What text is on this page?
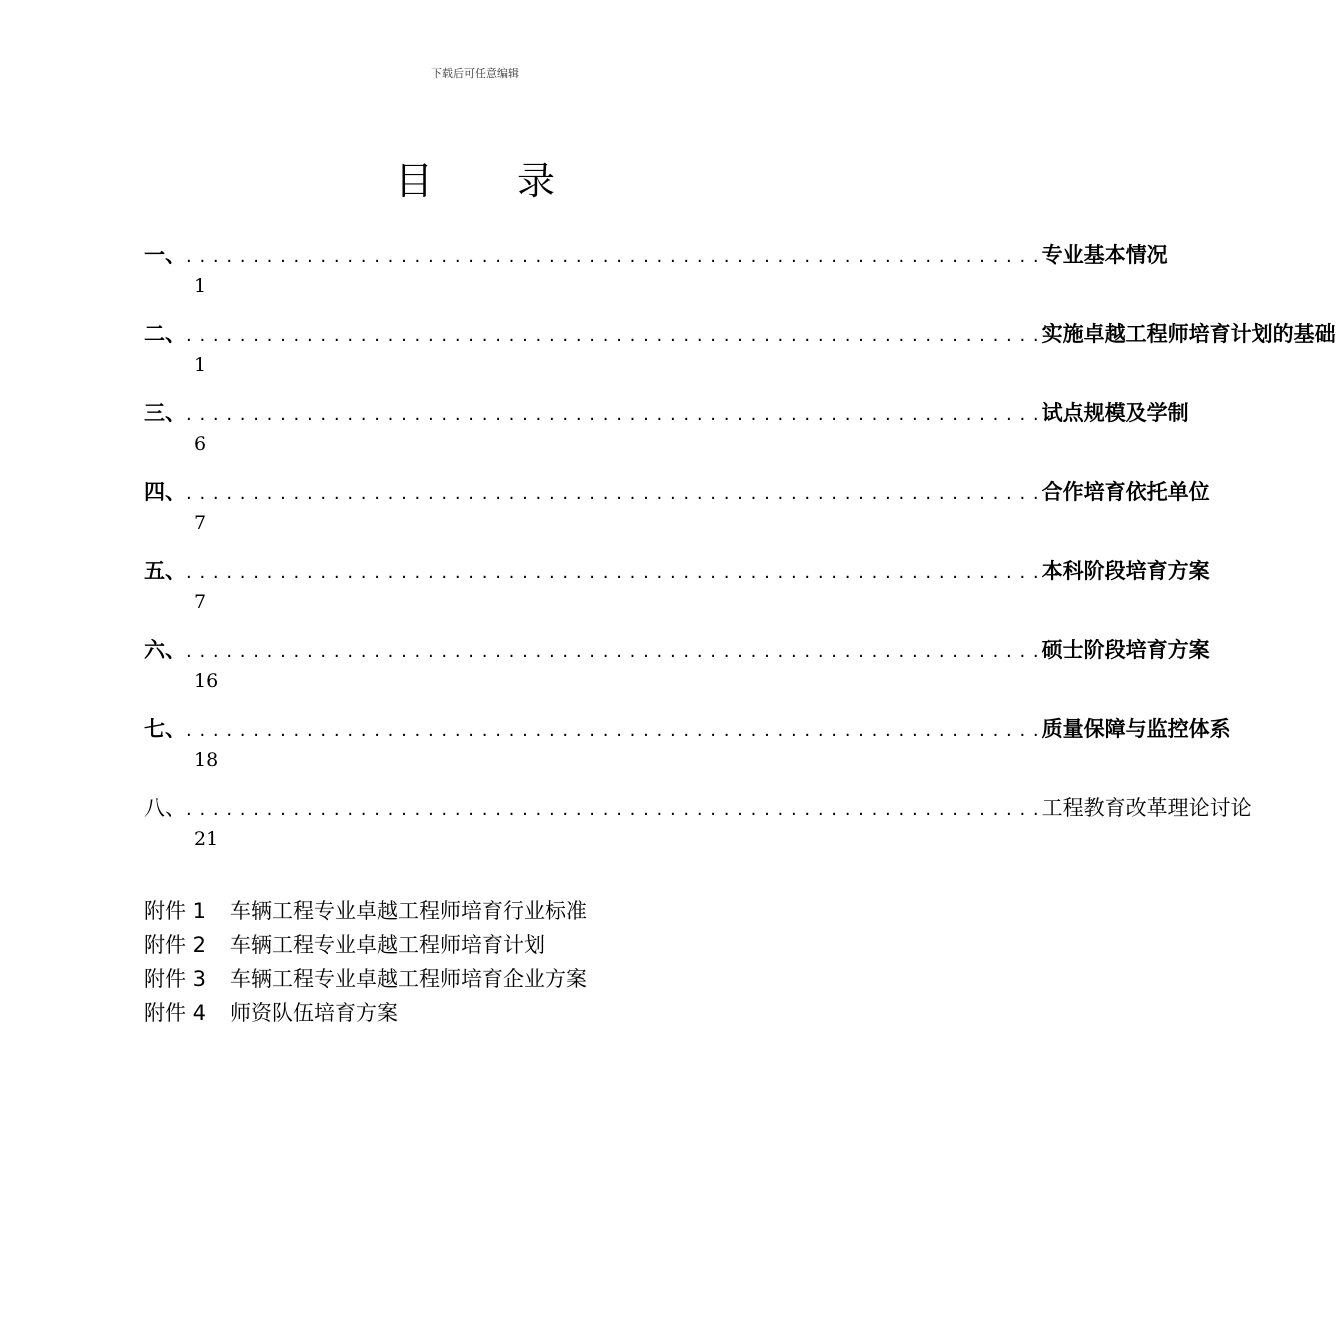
下载后可任意编辑
目 录
一、 . . . . . . . . . . . . . . . . . . . . . . . . . . . . . . . . . . . . . . . . . . . . . . . . . . . . . . . . . . . . . . . . 专业基本情况
1
二、 . . . . . . . . . . . . . . . . . . . . . . . . . . . . . . . . . . . . . . . . . . . . . . . . . . . . . . . . . . . . . . . . 实施卓越工程师培育计划的基础
1
三、 . . . . . . . . . . . . . . . . . . . . . . . . . . . . . . . . . . . . . . . . . . . . . . . . . . . . . . . . . . . . . . . . 试点规模及学制
6
四、 . . . . . . . . . . . . . . . . . . . . . . . . . . . . . . . . . . . . . . . . . . . . . . . . . . . . . . . . . . . . . . . . 合作培育依托单位
7
五、 . . . . . . . . . . . . . . . . . . . . . . . . . . . . . . . . . . . . . . . . . . . . . . . . . . . . . . . . . . . . . . . . 本科阶段培育方案
7
六、 . . . . . . . . . . . . . . . . . . . . . . . . . . . . . . . . . . . . . . . . . . . . . . . . . . . . . . . . . . . . . . . . 硕士阶段培育方案
16
七、 . . . . . . . . . . . . . . . . . . . . . . . . . . . . . . . . . . . . . . . . . . . . . . . . . . . . . . . . . . . . . . . . 质量保障与监控体系
18
八、 . . . . . . . . . . . . . . . . . . . . . . . . . . . . . . . . . . . . . . . . . . . . . . . . . . . . . . . . . . . . . . . . 工程教育改革理论讨论
21
附件 1	车辆工程专业卓越工程师培育行业标准
附件 2	车辆工程专业卓越工程师培育计划
附件 3	车辆工程专业卓越工程师培育企业方案
附件 4	师资队伍培育方案
